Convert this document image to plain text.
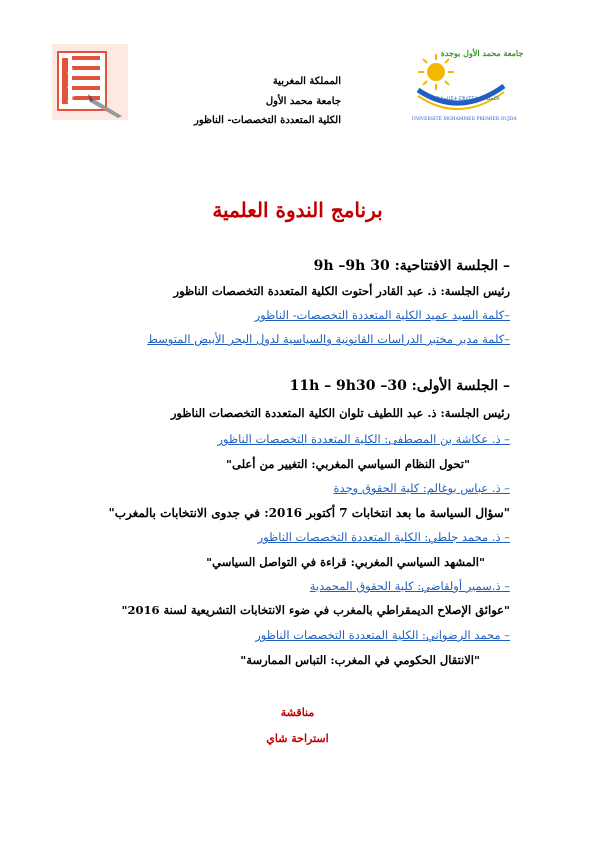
F
P
N
جامعة محمد الأول بوجدة
ⵜⴰⵙⴷⴰⵡⵉⵜ ⵎⵓⵃⵎⵎⴷ ⵉⵣⵡⴰⵔⵏ
UNIVERSITÉ MOHAMMED PREMIER OUJDA
المملكة المغربية
جامعة محمد الأول
الكلية المتعددة التخصصات- الناظور
برنامج الندوة العلمية
– الجلسة الافتتاحية: 30 9h –9h
رئيس الجلسة: ذ. عبد القادر أحتوت الكلية المتعددة التخصصات الناظور
–كلمة السيد عميد الكلية المتعددة التخصصات- الناظور
–كلمة مدير مختبر الدراسات القانونية والسياسية لدول البحر الأبيض المتوسط
– الجلسة الأولى: 30– 11h – 9h30
رئيس الجلسة: ذ. عبد اللطيف تلوان الكلية المتعددة التخصصات الناظور
– ذ. عكاشة بن المصطفى: الكلية المتعددة التخصصات الناظور
"تحول النظام السياسي المغربي: التغيير من أعلى"
– ذ. عباس بوغالم: كلية الحقوق وجدة
"سؤال السياسة ما بعد انتخابات 7 أكتوبر 2016: في جدوى الانتخابات بالمغرب"
– ذ. محمد جلطي: الكلية المتعددة التخصصات الناظور
"المشهد السياسي المغربي: قراءة في التواصل السياسي"
– ذ.سمير أولقاضي: كلية الحقوق المحمدية
"عوائق الإصلاح الديمقراطي بالمغرب في ضوء الانتخابات التشريعية لسنة 2016"
– محمد الرضواني: الكلية المتعددة التخصصات الناظور
"الانتقال الحكومي في المغرب: التباس الممارسة"
مناقشة
استراحة شاي
